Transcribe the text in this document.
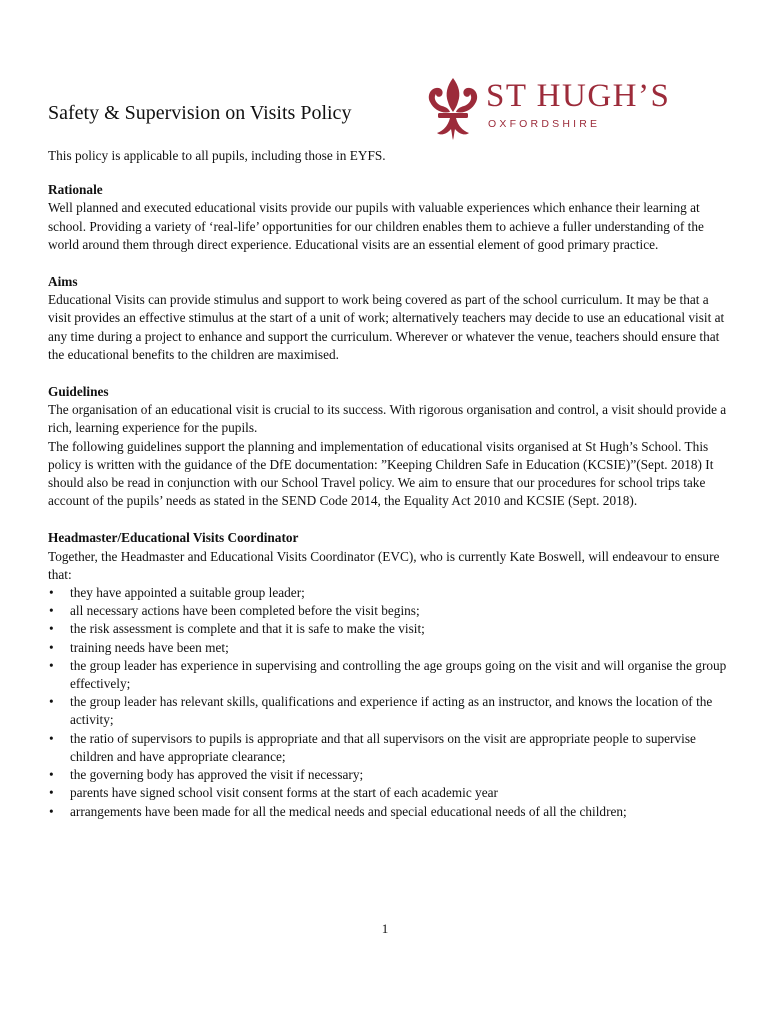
ST HUGH’S
OXFORDSHIRE
Safety & Supervision on Visits Policy

This policy is applicable to all pupils, including those in EYFS.

Rationale

Well planned and executed educational visits provide our pupils with valuable experiences which enhance their learning at school. Providing a variety of ‘real-life’ opportunities for our children enables them to achieve a fuller understanding of the world around them through direct experience. Educational visits are an essential element of good primary practice.

Aims

Educational Visits can provide stimulus and support to work being covered as part of the school curriculum. It may be that a visit provides an effective stimulus at the start of a unit of work; alternatively teachers may decide to use an educational visit at any time during a project to enhance and support the curriculum. Wherever or whatever the venue, teachers should ensure that the educational benefits to the children are maximised.

Guidelines

The organisation of an educational visit is crucial to its success. With rigorous organisation and control, a visit should provide a rich, learning experience for the pupils.

The following guidelines support the planning and implementation of educational visits organised at St Hugh’s School. This policy is written with the guidance of the DfE documentation: ”Keeping Children Safe in Education (KCSIE)”(Sept. 2018) It should also be read in conjunction with our School Travel policy. We aim to ensure that our procedures for school trips take account of the pupils’ needs as stated in the SEND Code 2014, the Equality Act 2010 and KCSIE (Sept. 2018).

Headmaster/Educational Visits Coordinator

Together, the Headmaster and Educational Visits Coordinator (EVC), who is currently Kate Boswell, will endeavour to ensure that:

• they have appointed a suitable group leader;
• all necessary actions have been completed before the visit begins;
• the risk assessment is complete and that it is safe to make the visit;
• training needs have been met;
• the group leader has experience in supervising and controlling the age groups going on the visit and will organise the group effectively;
• the group leader has relevant skills, qualifications and experience if acting as an instructor, and knows the location of the activity;
• the ratio of supervisors to pupils is appropriate and that all supervisors on the visit are appropriate people to supervise children and have appropriate clearance;
• the governing body has approved the visit if necessary;
• parents have signed school visit consent forms at the start of each academic year
• arrangements have been made for all the medical needs and special educational needs of all the children;
1
